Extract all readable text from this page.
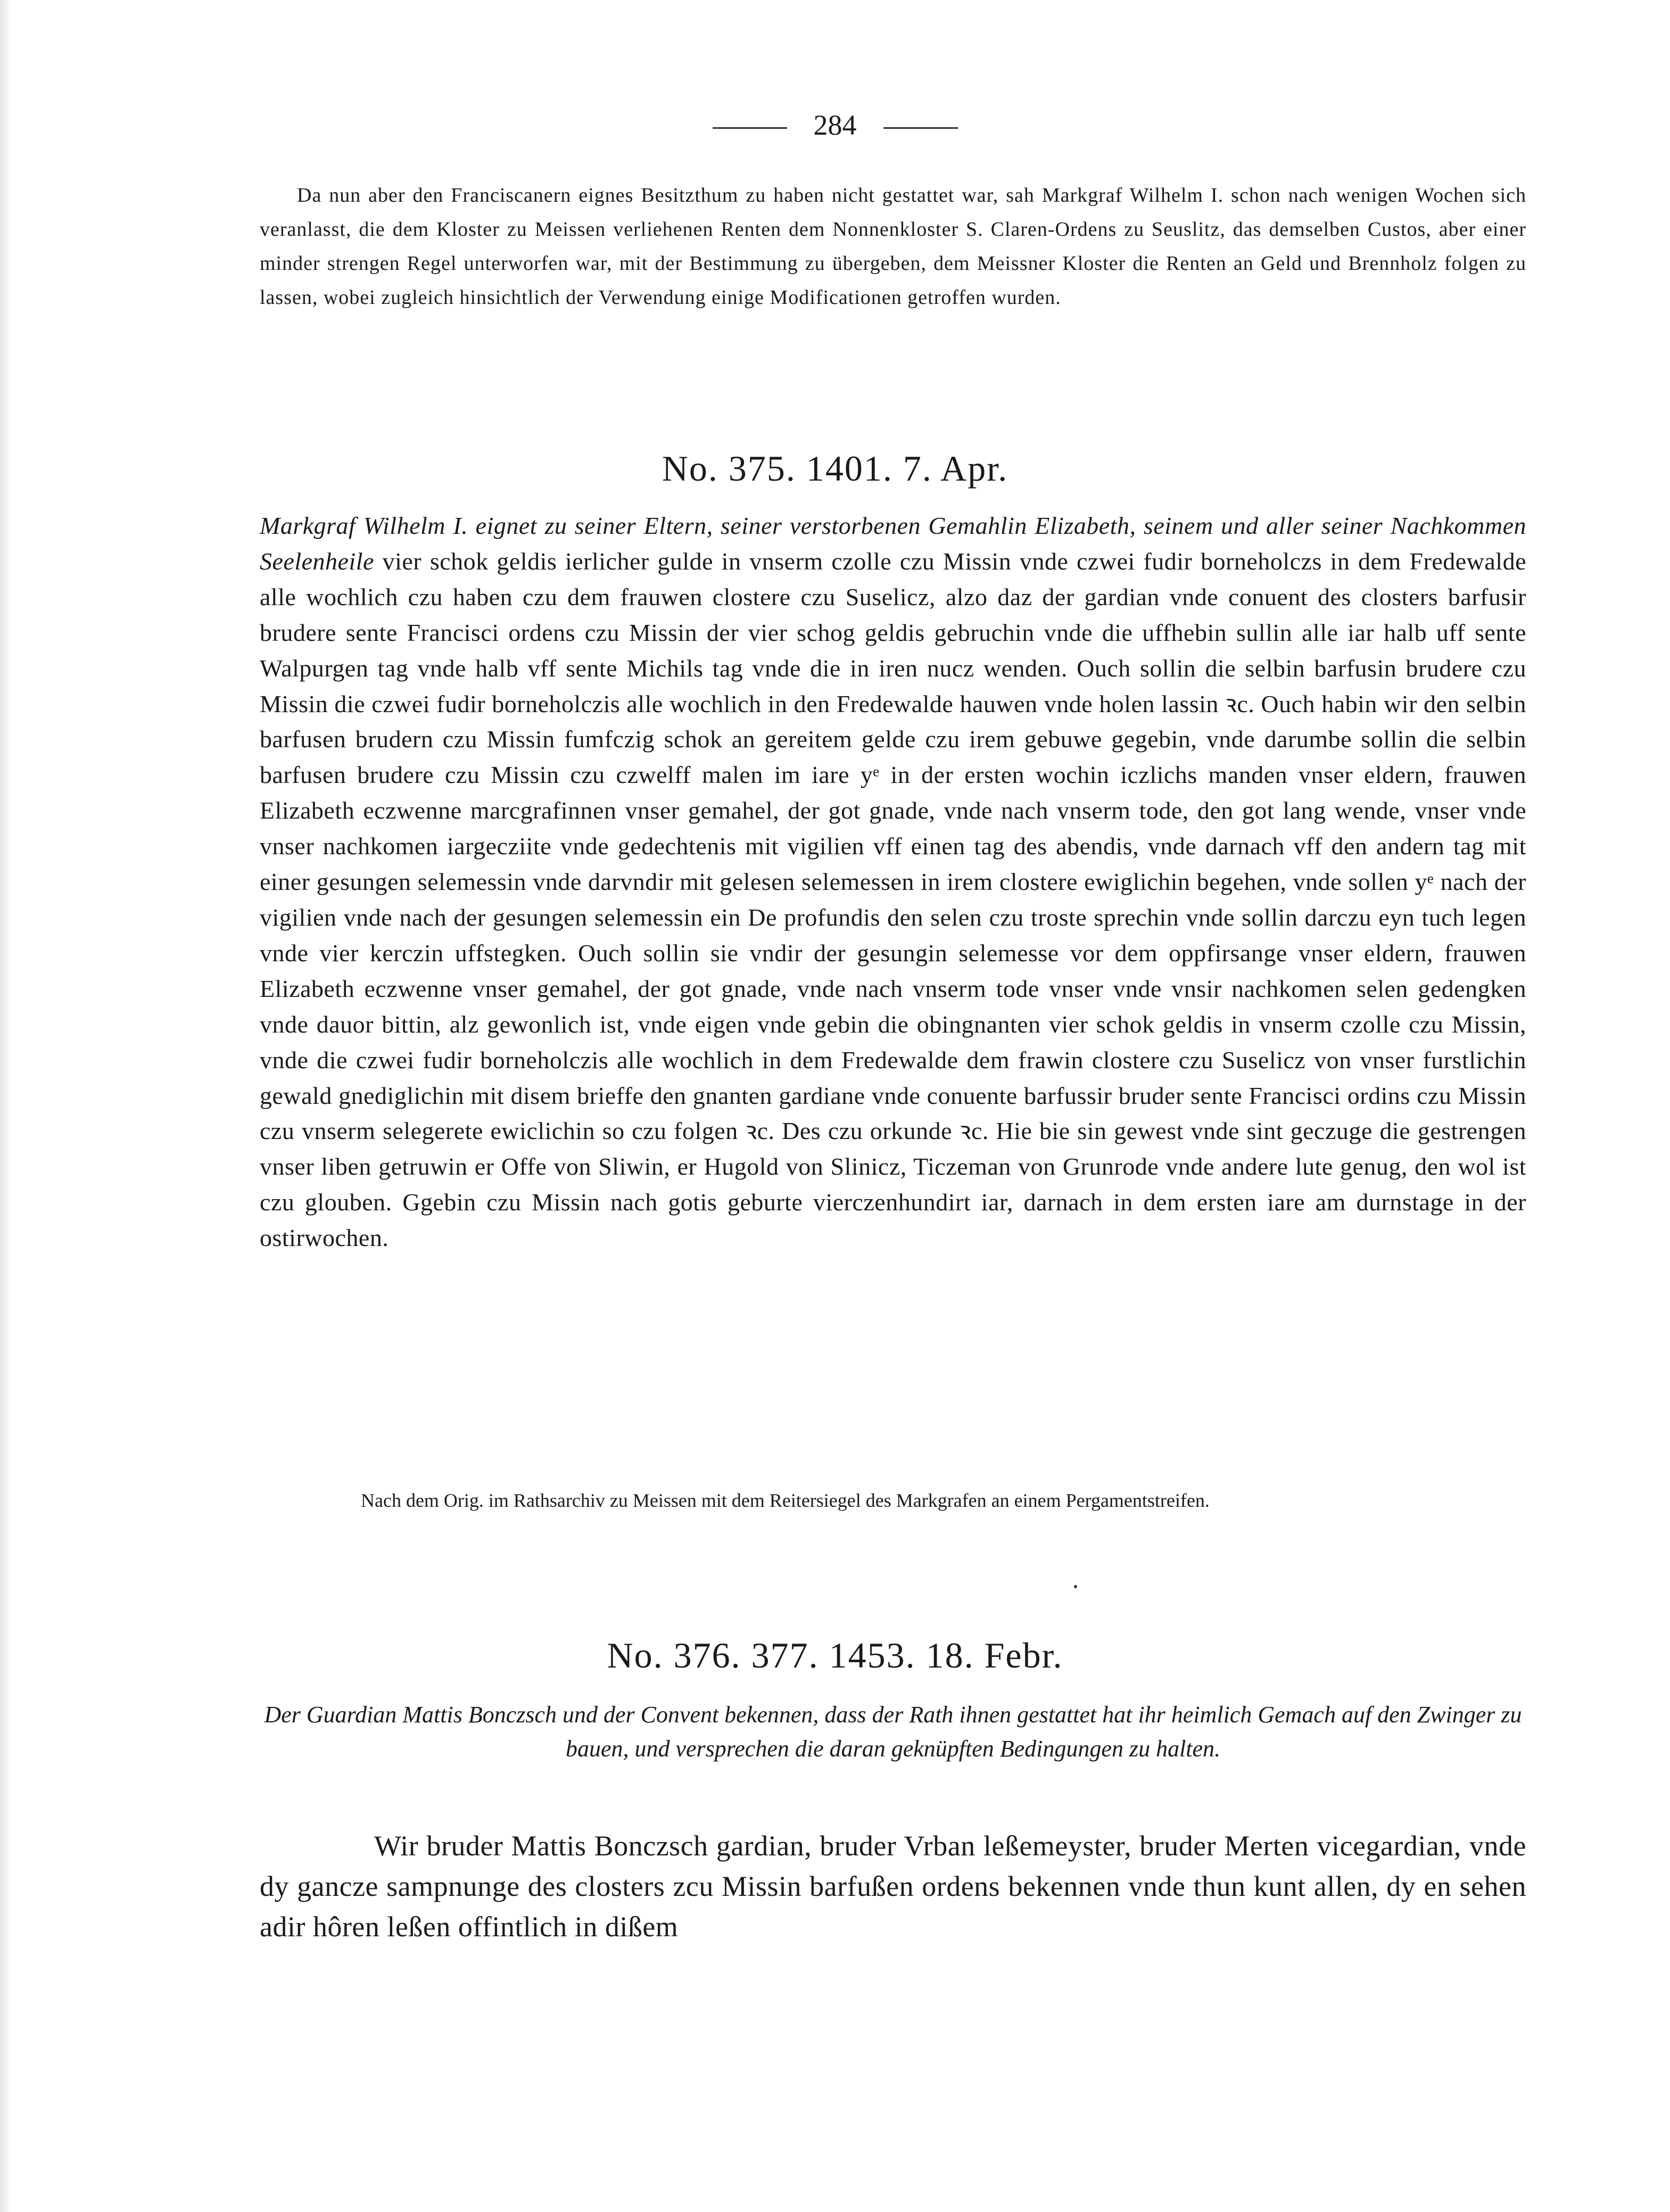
284
Da nun aber den Franciscanern eignes Besitzthum zu haben nicht gestattet war, sah Markgraf Wilhelm I. schon nach wenigen Wochen sich veranlasst, die dem Kloster zu Meissen verliehenen Renten dem Nonnenkloster S. Claren-Ordens zu Seuslitz, das demselben Custos, aber einer minder strengen Regel unterworfen war, mit der Bestimmung zu übergeben, dem Meissner Kloster die Renten an Geld und Brennholz folgen zu lassen, wobei zugleich hinsichtlich der Verwendung einige Modificationen getroffen wurden.
No. 375. 1401. 7. Apr.
Markgraf Wilhelm I. eignet zu seiner Eltern, seiner verstorbenen Gemahlin Elizabeth, seinem und aller seiner Nachkommen Seelenheile vier schok geldis ierlicher gulde in vnserm czolle czu Missin vnde czwei fudir borneholczs in dem Fredewalde alle wochlich czu haben czu dem frauwen clostere czu Suselicz, alzo daz der gardian vnde conuent des closters barfusir brudere sente Francisci ordens czu Missin der vier schog geldis gebruchin vnde die uffhebin sullin alle iar halb uff sente Walpurgen tag vnde halb vff sente Michils tag vnde die in iren nucz wenden. Ouch sollin die selbin barfusin brudere czu Missin die czwei fudir borneholczis alle wochlich in den Fredewalde hauwen vnde holen lassin ꝛc. Ouch habin wir den selbin barfusen brudern czu Missin fumfczig schok an gereitem gelde czu irem gebuwe gegebin, vnde darumbe sollin die selbin barfusen brudere czu Missin czu czwelff malen im iare yᵉ in der ersten wochin iczlichs manden vnser eldern, frauwen Elizabeth eczwenne marcgrafinnen vnser gemahel, der got gnade, vnde nach vnserm tode, den got lang wende, vnser vnde vnser nachkomen iargecziite vnde gedechtenis mit vigilien vff einen tag des abendis, vnde darnach vff den andern tag mit einer gesungen selemessin vnde darvndir mit gelesen selemessen in irem clostere ewiglichin begehen, vnde sollen yᵉ nach der vigilien vnde nach der gesungen selemessin ein De profundis den selen czu troste sprechin vnde sollin darczu eyn tuch legen vnde vier kerczin uffstegken. Ouch sollin sie vndir der gesungin selemesse vor dem oppfirsange vnser eldern, frauwen Elizabeth eczwenne vnser gemahel, der got gnade, vnde nach vnserm tode vnser vnde vnsir nachkomen selen gedengken vnde dauor bittin, alz gewonlich ist, vnde eigen vnde gebin die obingnanten vier schok geldis in vnserm czolle czu Missin, vnde die czwei fudir borneholczis alle wochlich in dem Fredewalde dem frawin clostere czu Suselicz von vnser furstlichin gewald gnediglichin mit disem brieffe den gnanten gardiane vnde conuente barfussir bruder sente Francisci ordins czu Missin czu vnserm selegerete ewiclichin so czu folgen ꝛc. Des czu orkunde ꝛc. Hie bie sin gewest vnde sint geczuge die gestrengen vnser liben getruwin er Offe von Sliwin, er Hugold von Slinicz, Ticzeman von Grunrode vnde andere lute genug, den wol ist czu glouben. Ggebin czu Missin nach gotis geburte vierczenhundirt iar, darnach in dem ersten iare am durnstage in der ostirwochen.
Nach dem Orig. im Rathsarchiv zu Meissen mit dem Reitersiegel des Markgrafen an einem Pergamentstreifen.
No. 376. 377. 1453. 18. Febr.
Der Guardian Mattis Bonczsch und der Convent bekennen, dass der Rath ihnen gestattet hat ihr heimlich Gemach auf den Zwinger zu bauen, und versprechen die daran geknüpften Bedingungen zu halten.
Wir bruder Mattis Bonczsch gardian, bruder Vrban leßemeyster, bruder Merten vicegardian, vnde dy gancze sampnunge des closters zcu Missin barfußen ordens bekennen vnde thun kunt allen, dy en sehen adir hôren leßen offintlich in dißem
